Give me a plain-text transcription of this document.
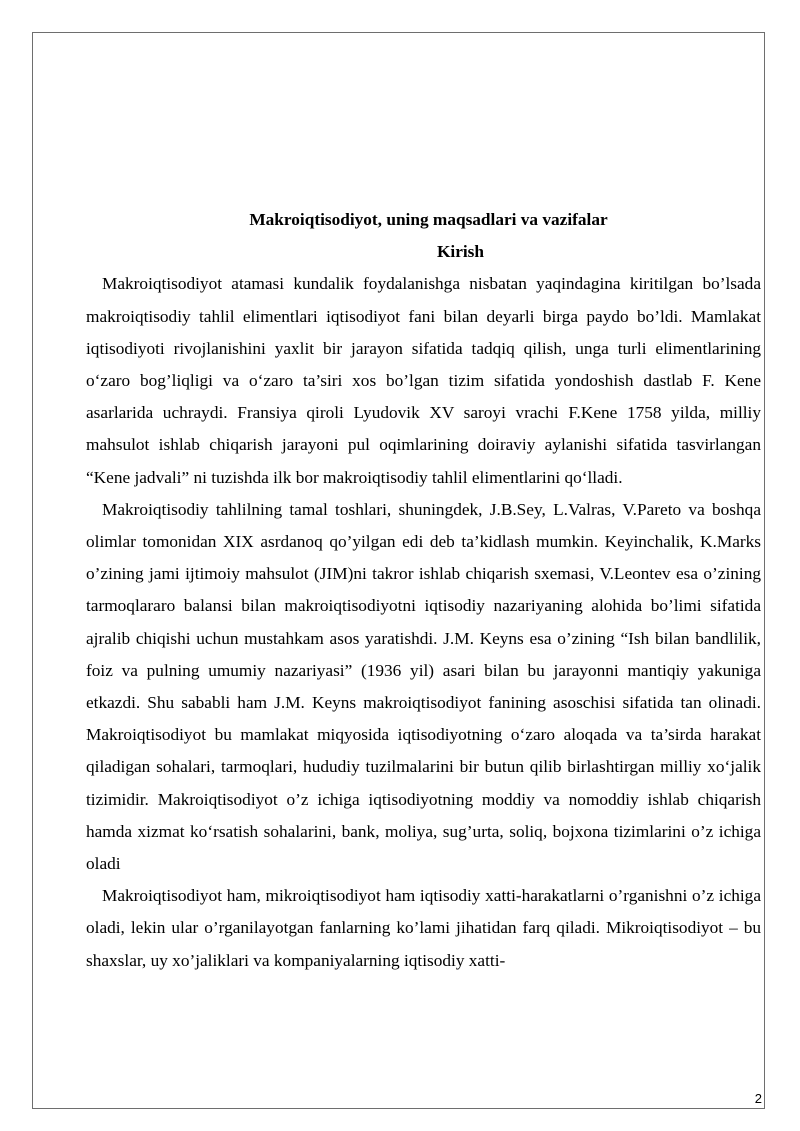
Makroiqtisodiyot, uning maqsadlari va vazifalar

Kirish

Makroiqtisodiyot atamasi kundalik foydalanishga nisbatan yaqindagina kiritilgan bo’lsada makroiqtisodiy tahlil elimentlari iqtisodiyot fani bilan deyarli birga paydo bo’ldi. Mamlakat iqtisodiyoti rivojlanishini yaxlit bir jarayon sifatida tadqiq qilish, unga turli elimentlarining o‘zaro bog’liqligi va o‘zaro ta’siri xos bo’lgan tizim sifatida yondoshish dastlab F. Kene asarlarida uchraydi. Fransiya qiroli Lyudovik XV saroyi vrachi F.Kene 1758 yilda, milliy mahsulot ishlab chiqarish jarayoni pul oqimlarining doiraviy aylanishi sifatida tasvirlangan “Kene jadvali” ni tuzishda ilk bor makroiqtisodiy tahlil elimentlarini qo‘lladi.

Makroiqtisodiy tahlilning tamal toshlari, shuningdek, J.B.Sey, L.Valras, V.Pareto va boshqa olimlar tomonidan XIX asrdanoq qo’yilgan edi deb ta’kidlash mumkin. Keyinchalik, K.Marks o’zining jami ijtimoiy mahsulot (JIM)ni takror ishlab chiqarish sxemasi, V.Leontev esa o’zining tarmoqlararo balansi bilan makroiqtisodiyotni iqtisodiy nazariyaning alohida bo’limi sifatida ajralib chiqishi uchun mustahkam asos yaratishdi. J.M. Keyns esa o’zining “Ish bilan bandlilik, foiz va pulning umumiy nazariyasi” (1936 yil) asari bilan bu jarayonni mantiqiy yakuniga etkazdi. Shu sababli ham J.M. Keyns makroiqtisodiyot fanining asoschisi sifatida tan olinadi. Makroiqtisodiyot bu mamlakat miqyosida iqtisodiyotning o‘zaro aloqada va ta’sirda harakat qiladigan sohalari, tarmoqlari, hududiy tuzilmalarini bir butun qilib birlashtirgan milliy xo‘jalik tizimidir. Makroiqtisodiyot o’z ichiga iqtisodiyotning moddiy va nomoddiy ishlab chiqarish hamda xizmat ko‘rsatish sohalarini, bank, moliya, sug’urta, soliq, bojxona tizimlarini o’z ichiga oladi

Makroiqtisodiyot ham, mikroiqtisodiyot ham iqtisodiy xatti-harakatlarni o’rganishni o’z ichiga oladi, lekin ular o’rganilayotgan fanlarning ko’lami jihatidan farq qiladi. Mikroiqtisodiyot – bu shaxslar, uy xo’jaliklari va kompaniyalarning iqtisodiy xatti-

2
